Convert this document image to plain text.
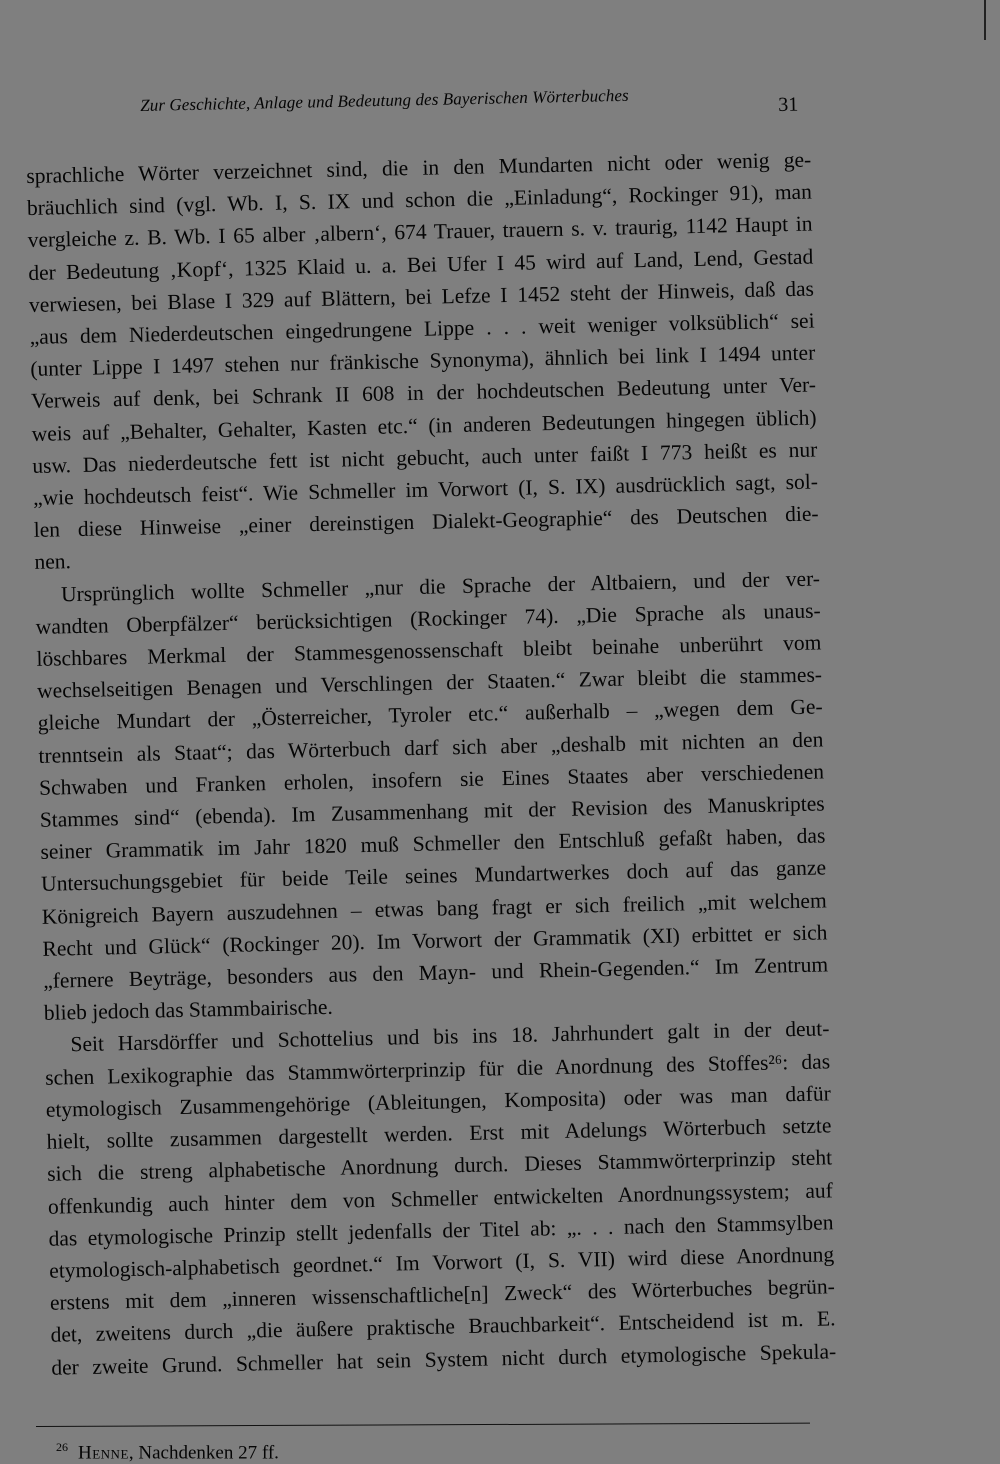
Zur Geschichte, Anlage und Bedeutung des Bayerischen Wörterbuches	31
sprachliche Wörter verzeichnet sind, die in den Mundarten nicht oder wenig ge-
bräuchlich sind (vgl. Wb. I, S. IX und schon die „Einladung“, Rockinger 91), man
vergleiche z. B. Wb. I 65 alber ‚albern‘, 674 Trauer, trauern s. v. traurig, 1142 Haupt in
der Bedeutung ‚Kopf‘, 1325 Klaid u. a. Bei Ufer I 45 wird auf Land, Lend, Gestad
verwiesen, bei Blase I 329 auf Blättern, bei Lefze I 1452 steht der Hinweis, daß das
„aus dem Niederdeutschen eingedrungene Lippe . . . weit weniger volksüblich“ sei
(unter Lippe I 1497 stehen nur fränkische Synonyma), ähnlich bei link I 1494 unter
Verweis auf denk, bei Schrank II 608 in der hochdeutschen Bedeutung unter Ver-
weis auf „Behalter, Gehalter, Kasten etc.“ (in anderen Bedeutungen hingegen üblich)
usw. Das niederdeutsche fett ist nicht gebucht, auch unter faißt I 773 heißt es nur
„wie hochdeutsch feist“. Wie Schmeller im Vorwort (I, S. IX) ausdrücklich sagt, sol-
len diese Hinweise „einer dereinstigen Dialekt-Geographie“ des Deutschen die-
nen.
Ursprünglich wollte Schmeller „nur die Sprache der Altbaiern, und der ver-
wandten Oberpfälzer“ berücksichtigen (Rockinger 74). „Die Sprache als unaus-
löschbares Merkmal der Stammesgenossenschaft bleibt beinahe unberührt vom
wechselseitigen Benagen und Verschlingen der Staaten.“ Zwar bleibt die stammes-
gleiche Mundart der „Österreicher, Tyroler etc.“ außerhalb – „wegen dem Ge-
trenntsein als Staat“; das Wörterbuch darf sich aber „deshalb mit nichten an den
Schwaben und Franken erholen, insofern sie Eines Staates aber verschiedenen
Stammes sind“ (ebenda). Im Zusammenhang mit der Revision des Manuskriptes
seiner Grammatik im Jahr 1820 muß Schmeller den Entschluß gefaßt haben, das
Untersuchungsgebiet für beide Teile seines Mundartwerkes doch auf das ganze
Königreich Bayern auszudehnen – etwas bang fragt er sich freilich „mit welchem
Recht und Glück“ (Rockinger 20). Im Vorwort der Grammatik (XI) erbittet er sich
„fernere Beyträge, besonders aus den Mayn- und Rhein-Gegenden.“ Im Zentrum
blieb jedoch das Stammbairische.
Seit Harsdörffer und Schottelius und bis ins 18. Jahrhundert galt in der deut-
schen Lexikographie das Stammwörterprinzip für die Anordnung des Stoffes²⁶: das
etymologisch Zusammengehörige (Ableitungen, Komposita) oder was man dafür
hielt, sollte zusammen dargestellt werden. Erst mit Adelungs Wörterbuch setzte
sich die streng alphabetische Anordnung durch. Dieses Stammwörterprinzip steht
offenkundig auch hinter dem von Schmeller entwickelten Anordnungssystem; auf
das etymologische Prinzip stellt jedenfalls der Titel ab: „. . . nach den Stammsylben
etymologisch-alphabetisch geordnet.“ Im Vorwort (I, S. VII) wird diese Anordnung
erstens mit dem „inneren wissenschaftliche[n] Zweck“ des Wörterbuches begrün-
det, zweitens durch „die äußere praktische Brauchbarkeit“. Entscheidend ist m. E.
der zweite Grund. Schmeller hat sein System nicht durch etymologische Spekula-
$^{26}$ Henne, Nachdenken 27 ff.
